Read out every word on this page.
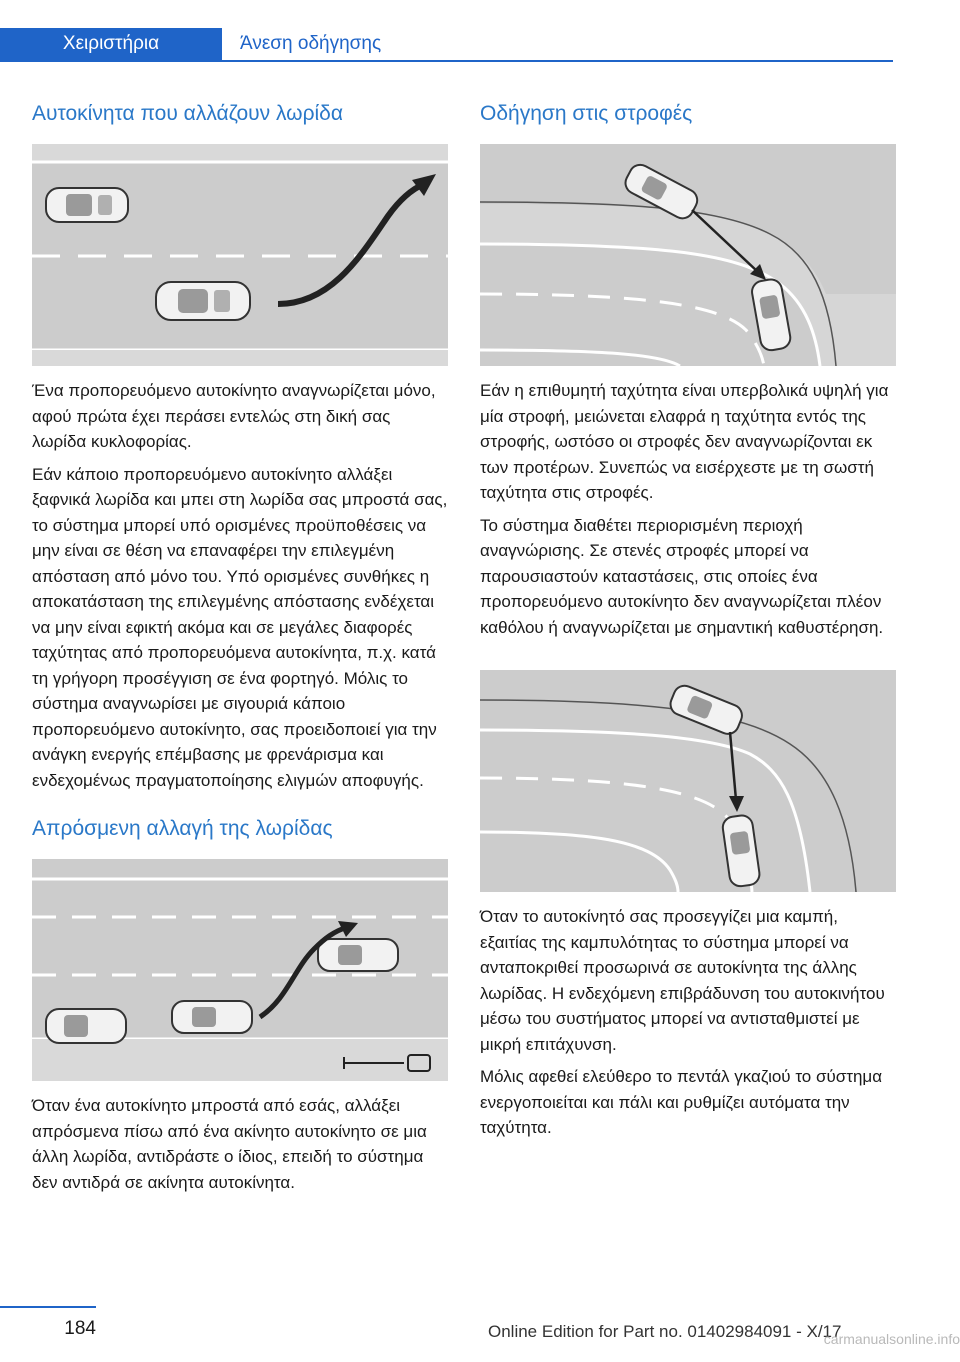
Χειριστήρια	Άνεση οδήγησης
Αυτοκίνητα που αλλάζουν λωρίδα

Ένα προπορευόμενο αυτοκίνητο αναγνωρίζεται μόνο, αφού πρώτα έχει περάσει εντελώς στη δική σας λωρίδα κυκλοφορίας.

Εάν κάποιο προπορευόμενο αυτοκίνητο αλλάξει ξαφνικά λωρίδα και μπει στη λωρίδα σας μπροστά σας, το σύστημα μπορεί υπό ορισμένες προϋποθέσεις να μην είναι σε θέση να επαναφέρει την επιλεγμένη απόσταση από μόνο του. Υπό ορισμένες συνθήκες η αποκατάσταση της επιλεγμένης απόστασης ενδέχεται να μην είναι εφικτή ακόμα και σε μεγάλες διαφορές ταχύτητας από προπορευόμενα αυτοκίνητα, π.χ. κατά τη γρήγορη προσέγγιση σε ένα φορτηγό. Μόλις το σύστημα αναγνωρίσει με σιγουριά κάποιο προπορευόμενο αυτοκίνητο, σας προειδοποιεί για την ανάγκη ενεργής επέμβασης με φρενάρισμα και ενδεχομένως πραγματοποίησης ελιγμών αποφυγής.

Απρόσμενη αλλαγή της λωρίδας

Όταν ένα αυτοκίνητο μπροστά από εσάς, αλλάξει απρόσμενα πίσω από ένα ακίνητο αυτοκίνητο σε μια άλλη λωρίδα, αντιδράστε ο ίδιος, επειδή το σύστημα δεν αντιδρά σε ακίνητα αυτοκίνητα.

Οδήγηση στις στροφές

Εάν η επιθυμητή ταχύτητα είναι υπερβολικά υψηλή για μία στροφή, μειώνεται ελαφρά η ταχύτητα εντός της στροφής, ωστόσο οι στροφές δεν αναγνωρίζονται εκ των προτέρων. Συνεπώς να εισέρχεστε με τη σωστή ταχύτητα στις στροφές.

Το σύστημα διαθέτει περιορισμένη περιοχή αναγνώρισης. Σε στενές στροφές μπορεί να παρουσιαστούν καταστάσεις, στις οποίες ένα προπορευόμενο αυτοκίνητο δεν αναγνωρίζεται πλέον καθόλου ή αναγνωρίζεται με σημαντική καθυστέρηση.

Όταν το αυτοκίνητό σας προσεγγίζει μια καμπή, εξαιτίας της καμπυλότητας το σύστημα μπορεί να ανταποκριθεί προσωρινά σε αυτοκίνητα της άλλης λωρίδας. Η ενδεχόμενη επιβράδυνση του αυτοκινήτου μέσω του συστήματος μπορεί να αντισταθμιστεί με μικρή επιτάχυνση.

Μόλις αφεθεί ελεύθερο το πεντάλ γκαζιού το σύστημα ενεργοποιείται και πάλι και ρυθμίζει αυτόματα την ταχύτητα.

184	Online Edition for Part no. 01402984091 - X/17
carmanualsonline.info
